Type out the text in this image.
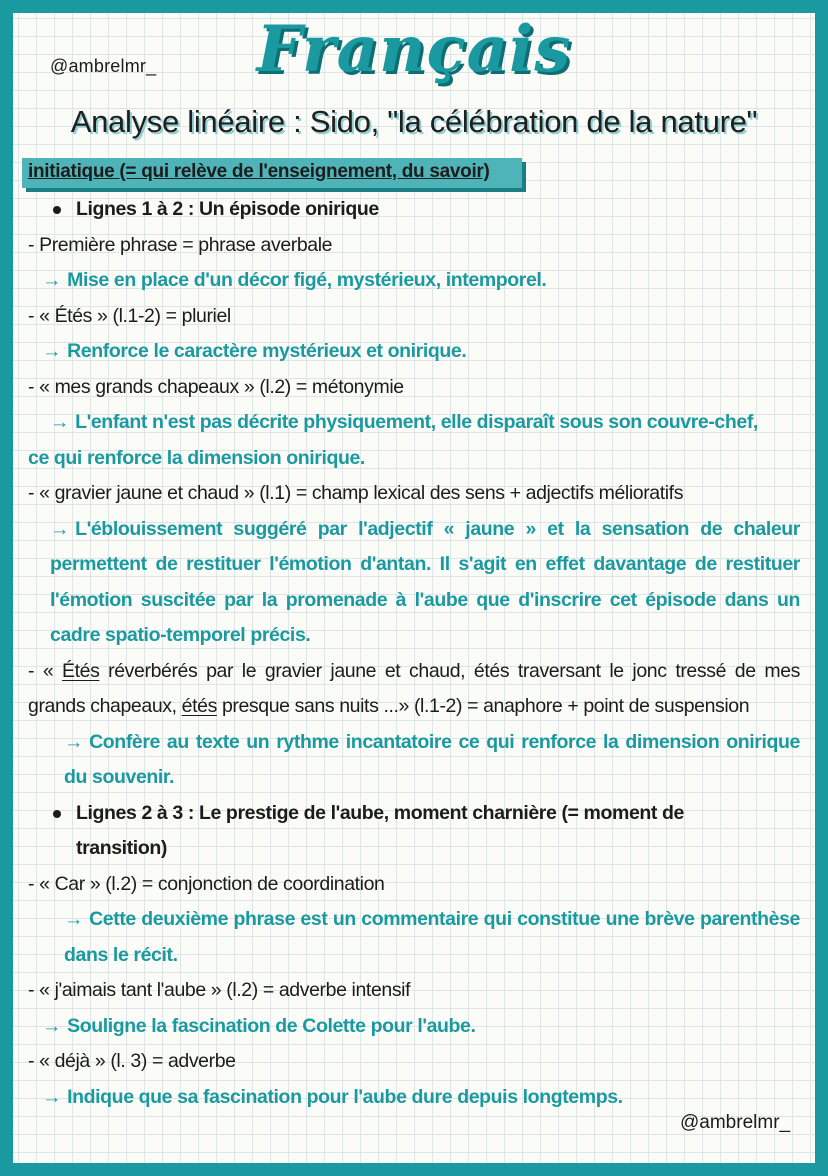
@ambrelmr_	Français
Analyse linéaire : Sido, "la célébration de la nature"
initiatique (= qui relève de l'enseignement, du savoir)
Lignes 1 à 2 : Un épisode onirique
- Première phrase = phrase averbale
→ Mise en place d'un décor figé, mystérieux, intemporel.
- « Étés » (l.1-2) = pluriel
→ Renforce le caractère mystérieux et onirique.
- « mes grands chapeaux » (l.2) = métonymie
→ L'enfant n'est pas décrite physiquement, elle disparaît sous son couvre-chef,
ce qui renforce la dimension onirique.
- « gravier jaune et chaud » (l.1) = champ lexical des sens + adjectifs mélioratifs
→ L'éblouissement suggéré par l'adjectif « jaune » et la sensation de chaleur permettent de restituer l'émotion d'antan. Il s'agit en effet davantage de restituer l'émotion suscitée par la promenade à l'aube que d'inscrire cet épisode dans un cadre spatio-temporel précis.
- « Étés réverbérés par le gravier jaune et chaud, étés traversant le jonc tressé de mes grands chapeaux, étés presque sans nuits ...» (l.1-2) = anaphore + point de suspension
→ Confère au texte un rythme incantatoire ce qui renforce la dimension onirique du souvenir.
Lignes 2 à 3 : Le prestige de l'aube, moment charnière (= moment de
transition)
- « Car » (l.2) = conjonction de coordination
→ Cette deuxième phrase est un commentaire qui constitue une brève parenthèse dans le récit.
- « j'aimais tant l'aube » (l.2) = adverbe intensif
→ Souligne la fascination de Colette pour l'aube.
- « déjà » (l. 3) = adverbe
→ Indique que sa fascination pour l'aube dure depuis longtemps.
@ambrelmr_
